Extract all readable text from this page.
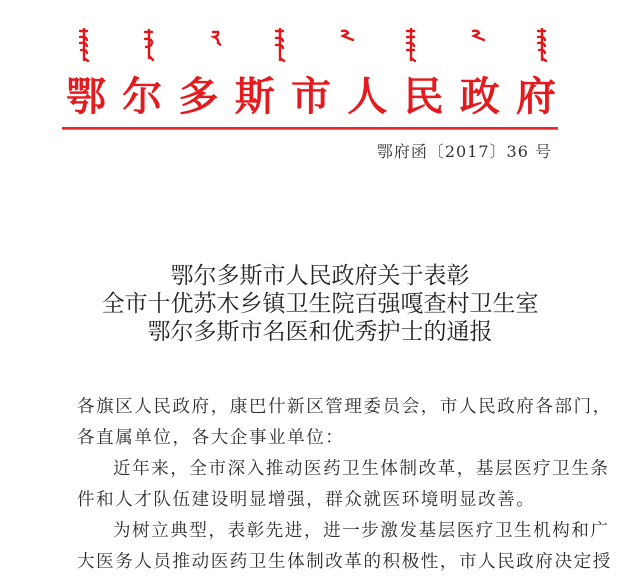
鄂 尔 多 斯 市 人 民 政 府
鄂府函〔2017〕36 号
鄂尔多斯市人民政府关于表彰
全市十优苏木乡镇卫生院百强嘎查村卫生室
鄂尔多斯市名医和优秀护士的通报

各旗区人民政府，康巴什新区管理委员会，市人民政府各部门，

各直属单位，各大企事业单位：

近年来，全市深入推动医药卫生体制改革，基层医疗卫生条

件和人才队伍建设明显增强，群众就医环境明显改善。

为树立典型，表彰先进，进一步激发基层医疗卫生机构和广

大医务人员推动医药卫生体制改革的积极性，市人民政府决定授
